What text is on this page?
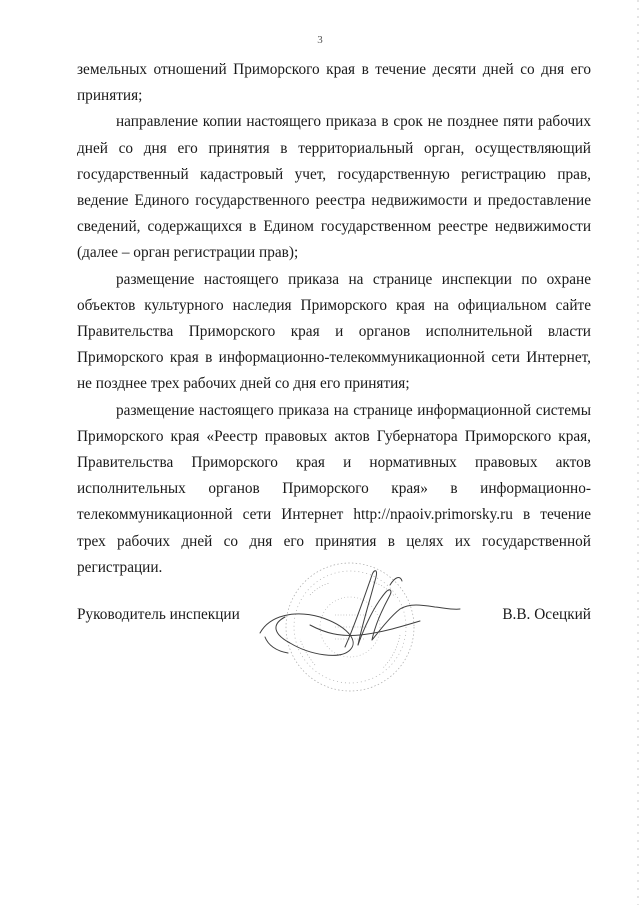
3

земельных отношений Приморского края в течение десяти дней со дня его принятия;

направление копии настоящего приказа в срок не позднее пяти рабочих дней со дня его принятия в территориальный орган, осуществляющий государственный кадастровый учет, государственную регистрацию прав, ведение Единого государственного реестра недвижимости и предоставление сведений, содержащихся в Едином государственном реестре недвижимости (далее – орган регистрации прав);

размещение настоящего приказа на странице инспекции по охране объектов культурного наследия Приморского края на официальном сайте Правительства Приморского края и органов исполнительной власти Приморского края в информационно-телекоммуникационной сети Интернет, не позднее трех рабочих дней со дня его принятия;

размещение настоящего приказа на странице информационной системы Приморского края «Реестр правовых актов Губернатора Приморского края, Правительства Приморского края и нормативных правовых актов исполнительных органов Приморского края» в информационно-телекоммуникационной сети Интернет http://npaoiv.primorsky.ru в течение трех рабочих дней со дня его принятия в целях их государственной регистрации.

Руководитель инспекции	В.В. Осецкий
